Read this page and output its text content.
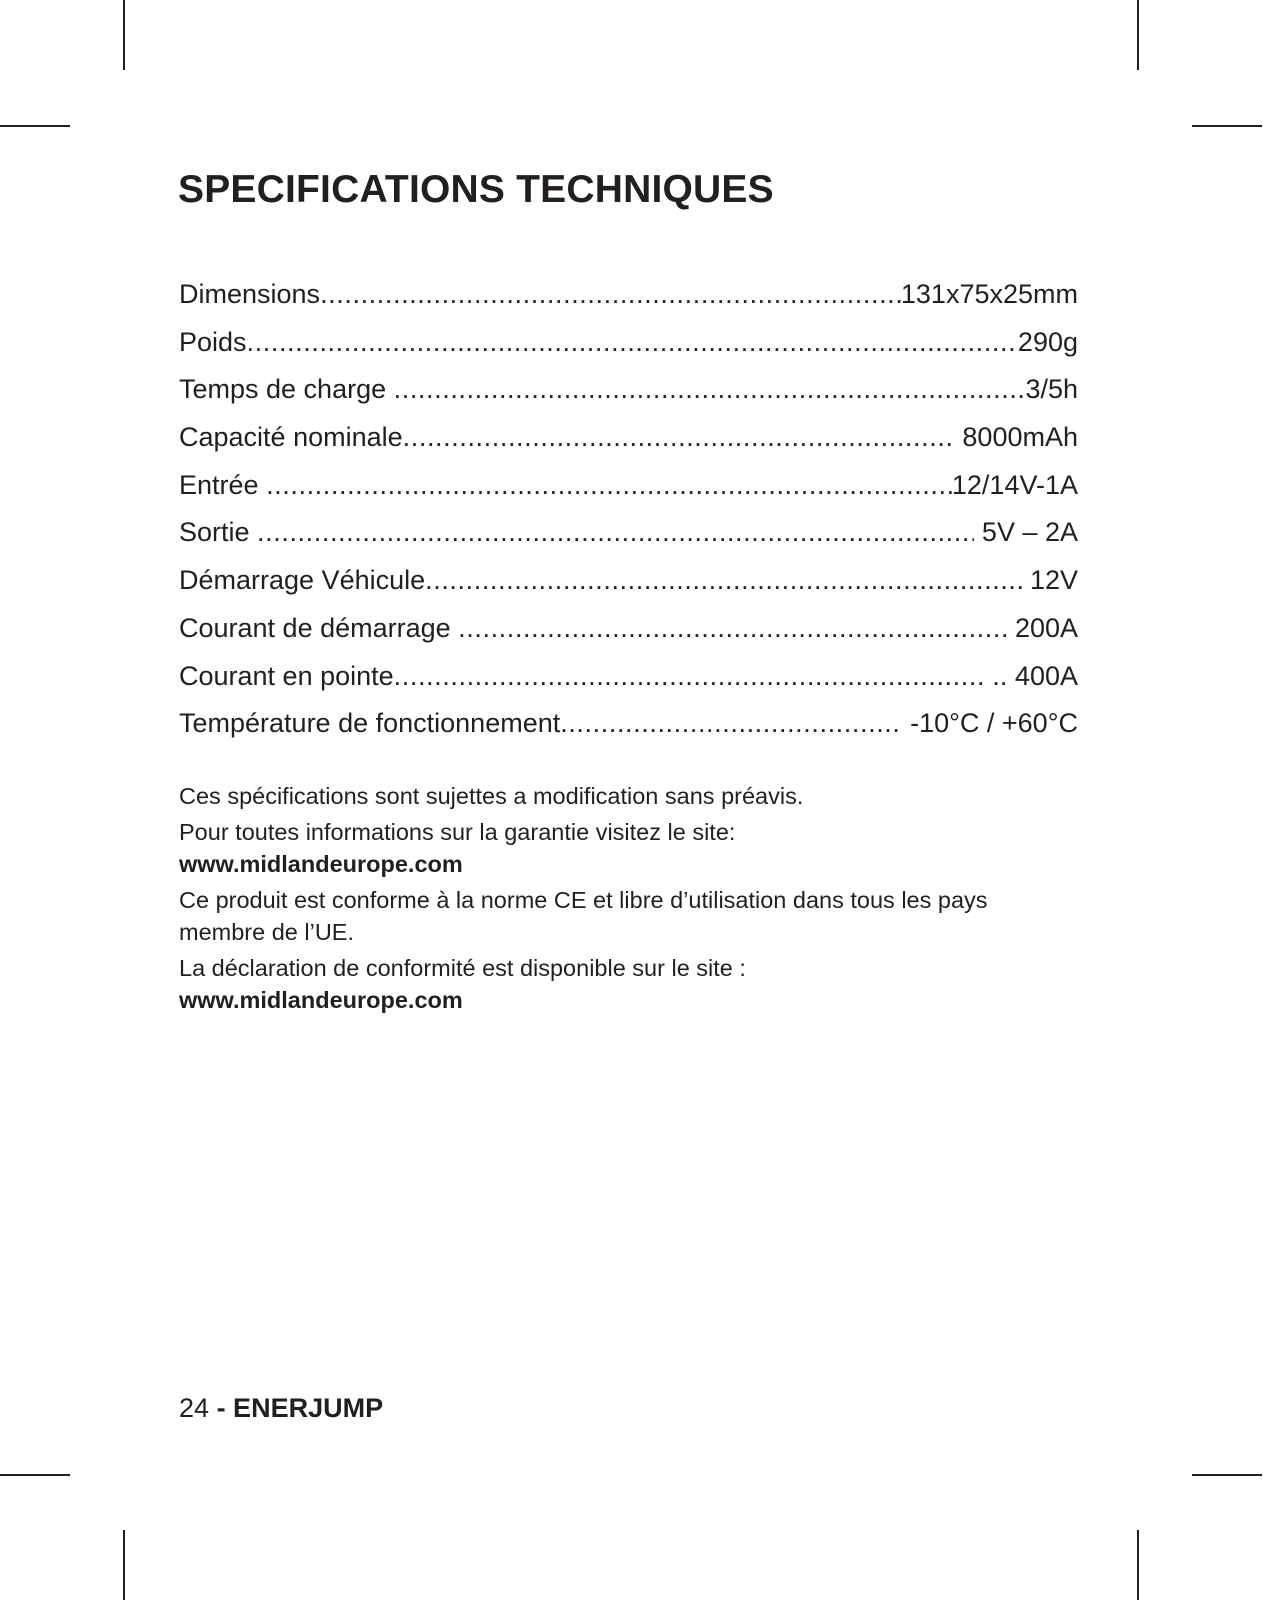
SPECIFICATIONS TECHNIQUES
Dimensions .....	131x75x25mm
Poids .....	290g
Temps de charge .....	3/5h
Capacité nominale .....	8000mAh
Entrée .....	12/14V-1A
Sortie .....	5V – 2A
Démarrage Véhicule .....	12V
Courant de démarrage .....	200A
Courant en pointe .....	.. 400A
Température de fonctionnement .....	-10°C / +60°C

Ces spécifications sont sujettes a modification sans préavis.

Pour toutes informations sur la garantie visitez le site:
www.midlandeurope.com

Ce produit est conforme à la norme CE et libre d’utilisation dans tous les pays membre de l’UE.

La déclaration de conformité est disponible sur le site :
www.midlandeurope.com

24 - ENERJUMP
